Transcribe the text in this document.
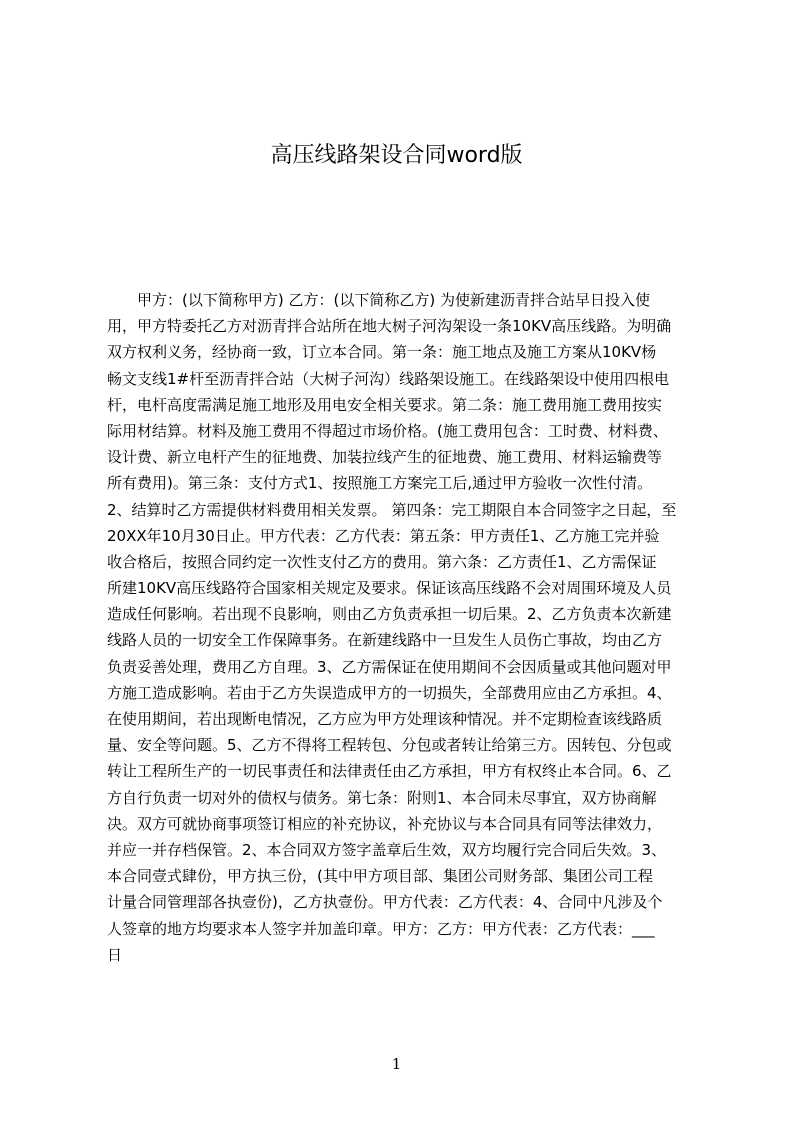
高压线路架设合同word版
　　甲方：(以下简称甲方) 乙方：(以下简称乙方) 为使新建沥青拌合站早日投入使
用，甲方特委托乙方对沥青拌合站所在地大树子河沟架设一条10KV高压线路。为明确
双方权利义务，经协商一致，订立本合同。第一条：施工地点及施工方案从10KV杨
畅文支线1#杆至沥青拌合站（大树子河沟）线路架设施工。在线路架设中使用四根电
杆，电杆高度需满足施工地形及用电安全相关要求。第二条：施工费用施工费用按实
际用材结算。材料及施工费用不得超过市场价格。(施工费用包含：工时费、材料费、
设计费、新立电杆产生的征地费、加装拉线产生的征地费、施工费用、材料运输费等
所有费用)。第三条：支付方式1、按照施工方案完工后,通过甲方验收一次性付清。
2、结算时乙方需提供材料费用相关发票。 第四条：完工期限自本合同签字之日起，至
20XX年10月30日止。甲方代表：乙方代表：第五条：甲方责任1、乙方施工完并验
收合格后，按照合同约定一次性支付乙方的费用。第六条：乙方责任1、乙方需保证
所建10KV高压线路符合国家相关规定及要求。保证该高压线路不会对周围环境及人员
造成任何影响。若出现不良影响，则由乙方负责承担一切后果。2、乙方负责本次新建
线路人员的一切安全工作保障事务。在新建线路中一旦发生人员伤亡事故，均由乙方
负责妥善处理，费用乙方自理。3、乙方需保证在使用期间不会因质量或其他问题对甲
方施工造成影响。若由于乙方失误造成甲方的一切损失，全部费用应由乙方承担。4、
在使用期间，若出现断电情况，乙方应为甲方处理该种情况。并不定期检查该线路质
量、安全等问题。5、乙方不得将工程转包、分包或者转让给第三方。因转包、分包或
转让工程所生产的一切民事责任和法律责任由乙方承担，甲方有权终止本合同。6、乙
方自行负责一切对外的债权与债务。第七条：附则1、本合同未尽事宜，双方协商解
决。双方可就协商事项签订相应的补充协议，补充协议与本合同具有同等法律效力，
并应一并存档保管。2、本合同双方签字盖章后生效，双方均履行完合同后失效。3、
本合同壹式肆份，甲方执三份，(其中甲方项目部、集团公司财务部、集团公司工程
计量合同管理部各执壹份)，乙方执壹份。甲方代表：乙方代表：4、合同中凡涉及个
人签章的地方均要求本人签字并加盖印章。甲方：乙方：甲方代表：乙方代表：___
日
1
